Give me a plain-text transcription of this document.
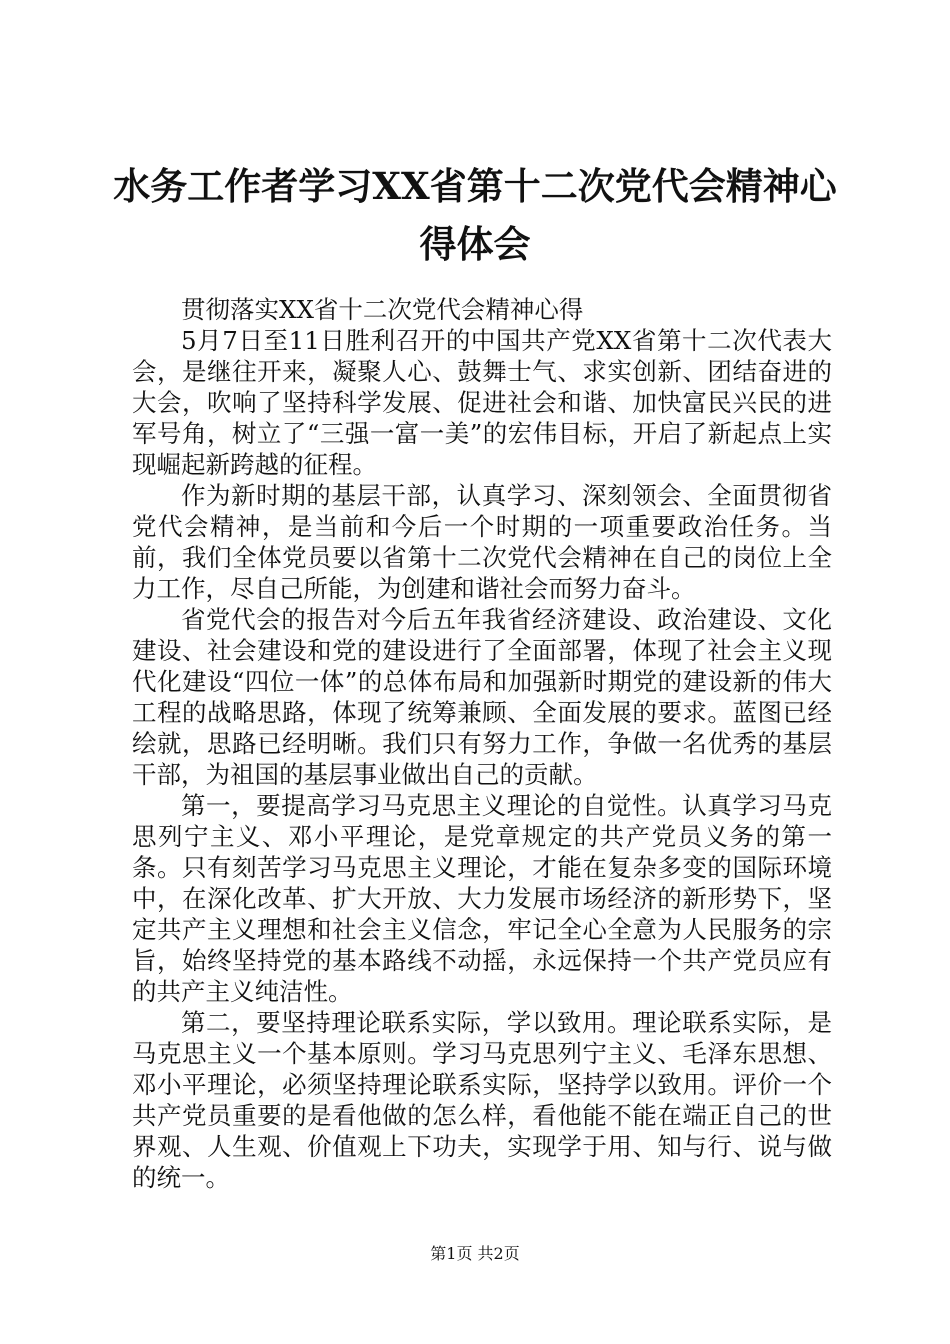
水务工作者学习XX省第十二次党代会精神心
得体会

贯彻落实XX省十二次党代会精神心得

5月7日至11日胜利召开的中国共产党XX省第十二次代表大会，是继往开来，凝聚人心、鼓舞士气、求实创新、团结奋进的大会，吹响了坚持科学发展、促进社会和谐、加快富民兴民的进军号角，树立了“三强一富一美”的宏伟目标，开启了新起点上实现崛起新跨越的征程。

作为新时期的基层干部，认真学习、深刻领会、全面贯彻省党代会精神，是当前和今后一个时期的一项重要政治任务。当前，我们全体党员要以省第十二次党代会精神在自己的岗位上全力工作，尽自己所能，为创建和谐社会而努力奋斗。

省党代会的报告对今后五年我省经济建设、政治建设、文化建设、社会建设和党的建设进行了全面部署，体现了社会主义现代化建设“四位一体”的总体布局和加强新时期党的建设新的伟大工程的战略思路，体现了统筹兼顾、全面发展的要求。蓝图已经绘就，思路已经明晰。我们只有努力工作，争做一名优秀的基层干部，为祖国的基层事业做出自己的贡献。

第一，要提高学习马克思主义理论的自觉性。认真学习马克思列宁主义、邓小平理论，是党章规定的共产党员义务的第一条。只有刻苦学习马克思主义理论，才能在复杂多变的国际环境中，在深化改革、扩大开放、大力发展市场经济的新形势下，坚定共产主义理想和社会主义信念，牢记全心全意为人民服务的宗旨，始终坚持党的基本路线不动摇，永远保持一个共产党员应有的共产主义纯洁性。

第二，要坚持理论联系实际，学以致用。理论联系实际，是马克思主义一个基本原则。学习马克思列宁主义、毛泽东思想、邓小平理论，必须坚持理论联系实际，坚持学以致用。评价一个共产党员重要的是看他做的怎么样，看他能不能在端正自己的世界观、人生观、价值观上下功夫，实现学于用、知与行、说与做的统一。

第1页 共2页
